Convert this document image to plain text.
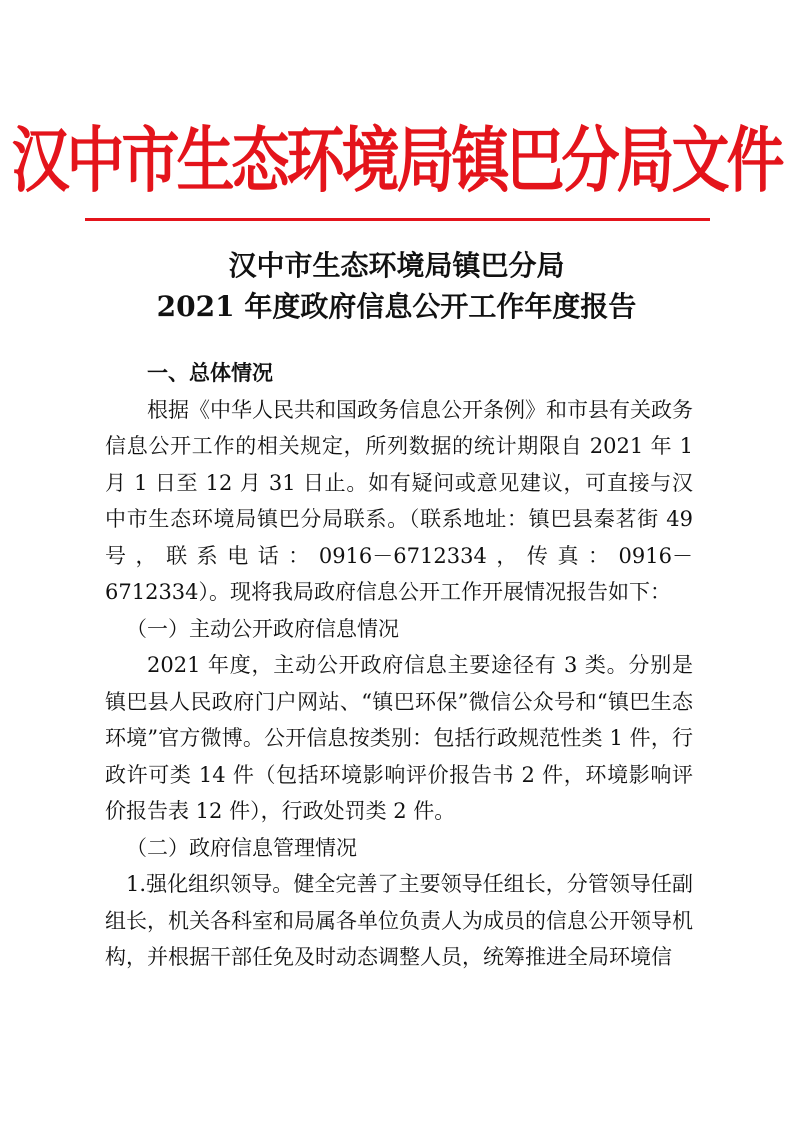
汉中市生态环境局镇巴分局文件
汉中市生态环境局镇巴分局
2021 年度政府信息公开工作年度报告

一、总体情况

根据《中华人民共和国政务信息公开条例》和市县有关政务信息公开工作的相关规定，所列数据的统计期限自 2021 年 1 月 1 日至 12 月 31 日止。如有疑问或意见建议，可直接与汉中市生态环境局镇巴分局联系。（联系地址：镇巴县秦茗街 49 号，联系电话：0916－6712334，传真：0916－6712334）。现将我局政府信息公开工作开展情况报告如下：

（一）主动公开政府信息情况

2021 年度，主动公开政府信息主要途径有 3 类。分别是镇巴县人民政府门户网站、“镇巴环保”微信公众号和“镇巴生态环境”官方微博。公开信息按类别：包括行政规范性类 1 件，行政许可类 14 件（包括环境影响评价报告书 2 件，环境影响评价报告表 12 件），行政处罚类 2 件。

（二）政府信息管理情况

1.强化组织领导。健全完善了主要领导任组长，分管领导任副组长，机关各科室和局属各单位负责人为成员的信息公开领导机构，并根据干部任免及时动态调整人员，统筹推进全局环境信
